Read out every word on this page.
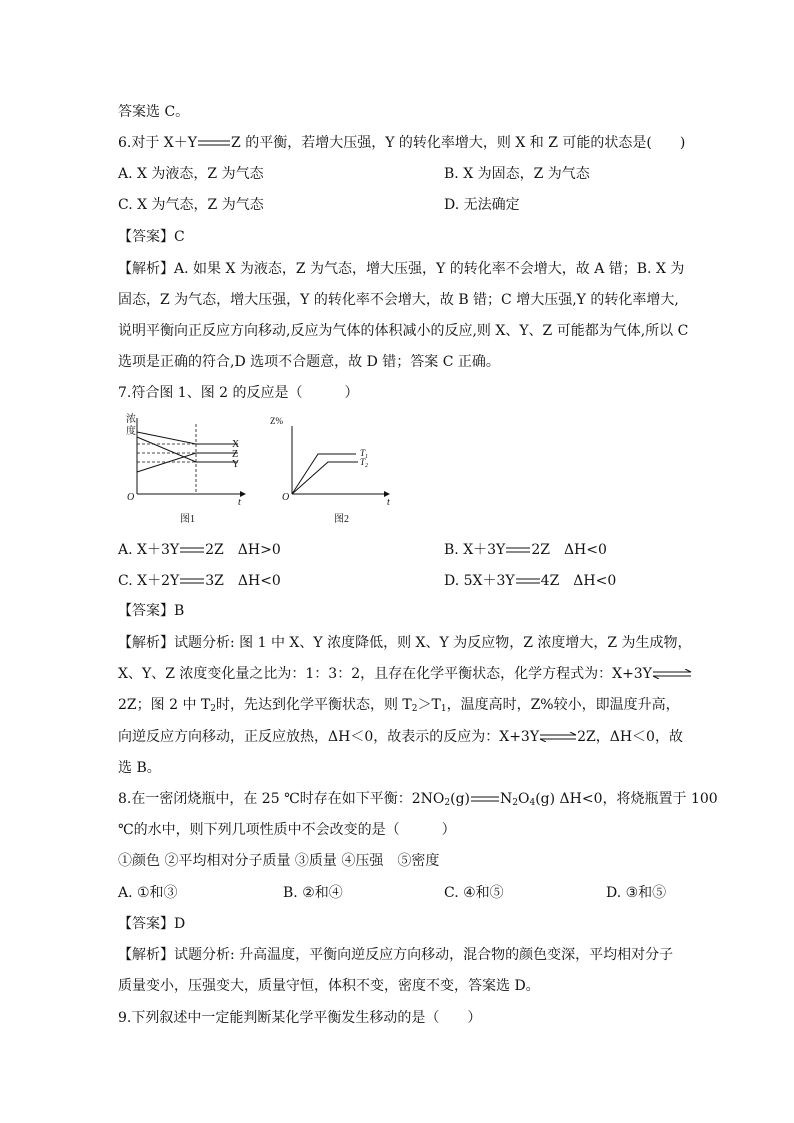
答案选 C。
6.对于 X＋Y Z 的平衡，若增大压强，Y 的转化率增大，则 X 和 Z 可能的状态是(　　)
A. X 为液态，Z 为气态	B. X 为固态，Z 为气态
C. X 为气态，Z 为气态	D. 无法确定
【答案】C
【解析】A. 如果 X 为液态，Z 为气态，增大压强，Y 的转化率不会增大，故 A 错；B. X 为
固态，Z 为气态，增大压强，Y 的转化率不会增大，故 B 错；C 增大压强,Y 的转化率增大,
说明平衡向正反应方向移动,反应为气体的体积减小的反应,则 X、Y、Z 可能都为气体,所以 C
选项是正确的符合,D 选项不合题意，故 D 错；答案 C 正确。
7.符合图 1、图 2 的反应是（　　　）
浓
度
X
Z
Y
O	t
图1
Z%
$T_1$
$T_2$
O	t
图2
A. X＋3Y 2Z　ΔH>0	B. X＋3Y 2Z　ΔH<0
C. X＋2Y 3Z　ΔH<0	D. 5X＋3Y 4Z　ΔH<0
【答案】B
【解析】试题分析: 图 1 中 X、Y 浓度降低，则 X、Y 为反应物，Z 浓度增大，Z 为生成物，
X、Y、Z 浓度变化量之比为：1：3：2，且存在化学平衡状态，化学方程式为：X+3Y⇌
2Z；图 2 中 $T_2$时，先达到化学平衡状态，则 $T_2>T_1$，温度高时，Z%较小，即温度升高，
向逆反应方向移动，正反应放热，ΔH＜0，故表示的反应为：X+3Y⇌2Z，ΔH＜0，故
选 B。
8.在一密闭烧瓶中，在 25 ℃时存在如下平衡：$2NO_2(g)$ $N_2O_4(g)$ ΔH<0，将烧瓶置于 100
℃的水中，则下列几项性质中不会改变的是（　　　）
①颜色 ②平均相对分子质量 ③质量 ④压强　⑤密度
A. ①和③	B. ②和④	C. ④和⑤	D. ③和⑤
【答案】D
【解析】试题分析: 升高温度，平衡向逆反应方向移动，混合物的颜色变深，平均相对分子
质量变小，压强变大，质量守恒，体积不变，密度不变，答案选 D。
9.下列叙述中一定能判断某化学平衡发生移动的是（　　）
